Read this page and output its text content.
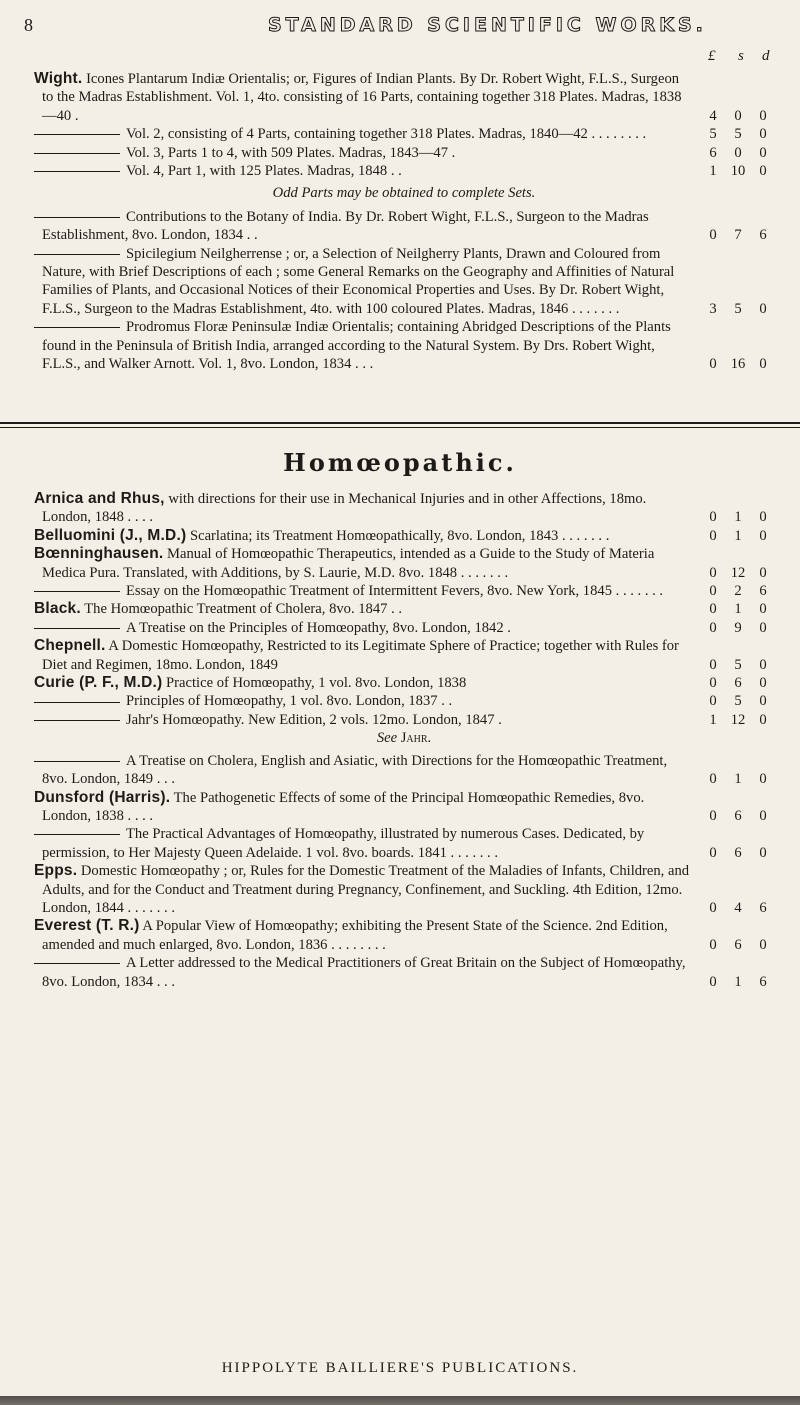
8	STANDARD SCIENTIFIC WORKS.
£ s d
Wight. Icones Plantarum Indiæ Orientalis; or, Figures of Indian Plants. By Dr. Robert Wight, F.L.S., Surgeon to the Madras Establishment. Vol. 1, 4to. consisting of 16 Parts, containing together 318 Plates. Madras, 1838—40 .	4	0	0
Vol. 2, consisting of 4 Parts, containing together 318 Plates. Madras, 1840—42 . . . . . . . .	5	5	0
Vol. 3, Parts 1 to 4, with 509 Plates. Madras, 1843—47 .	6	0	0
Vol. 4, Part 1, with 125 Plates. Madras, 1848 . .	1 10 0
Odd Parts may be obtained to complete Sets.
Contributions to the Botany of India. By Dr. Robert Wight, F.L.S., Surgeon to the Madras Establishment, 8vo. London, 1834 . .	0	7	6
Spicilegium Neilgherrense ; or, a Selection of Neilgherry Plants, Drawn and Coloured from Nature, with Brief Descriptions of each ; some General Remarks on the Geography and Affinities of Natural Families of Plants, and Occasional Notices of their Economical Properties and Uses. By Dr. Robert Wight, F.L.S., Surgeon to the Madras Establishment, 4to. with 100 coloured Plates. Madras, 1846 . . . . . . .	3	5	0
Prodromus Floræ Peninsulæ Indiæ Orientalis; containing Abridged Descriptions of the Plants found in the Peninsula of British India, arranged according to the Natural System. By Drs. Robert Wight, F.L.S., and Walker Arnott. Vol. 1, 8vo. London, 1834 . . .	0 16 0
Homœopathic.
Arnica and Rhus, with directions for their use in Mechanical Injuries and in other Affections, 18mo. London, 1848 . . . .	0	1	0
Belluomini (J., M.D.) Scarlatina; its Treatment Homœopathically, 8vo. London, 1843 . . . . . . .	0	1	0
Bœnninghausen. Manual of Homœopathic Therapeutics, intended as a Guide to the Study of Materia Medica Pura. Translated, with Additions, by S. Laurie, M.D. 8vo. 1848 . . . . . . .	0 12 0
Essay on the Homœopathic Treatment of Intermittent Fevers, 8vo. New York, 1845 . . . . . . .	0	2	6
Black. The Homœopathic Treatment of Cholera, 8vo. 1847 . .	0	1	0
A Treatise on the Principles of Homœopathy, 8vo. London, 1842 .	0	9	0
Chepnell. A Domestic Homœopathy, Restricted to its Legitimate Sphere of Practice; together with Rules for Diet and Regimen, 18mo. London, 1849	0	5	0
Curie (P. F., M.D.) Practice of Homœopathy, 1 vol. 8vo. London, 1838	0	6	0
Principles of Homœopathy, 1 vol. 8vo. London, 1837 . .	0	5	0
Jahr's Homœopathy. New Edition, 2 vols. 12mo. London, 1847 .	1 12 0
See Jahr.
A Treatise on Cholera, English and Asiatic, with Directions for the Homœopathic Treatment, 8vo. London, 1849 . . .	0	1	0
Dunsford (Harris). The Pathogenetic Effects of some of the Principal Homœopathic Remedies, 8vo. London, 1838 . . . .	0	6	0
The Practical Advantages of Homœopathy, illustrated by numerous Cases. Dedicated, by permission, to Her Majesty Queen Adelaide. 1 vol. 8vo. boards. 1841 . . . . . . .	0	6	0
Epps. Domestic Homœopathy ; or, Rules for the Domestic Treatment of the Maladies of Infants, Children, and Adults, and for the Conduct and Treatment during Pregnancy, Confinement, and Suckling. 4th Edition, 12mo. London, 1844 . . . . . . .	0	4	6
Everest (T. R.) A Popular View of Homœopathy; exhibiting the Present State of the Science. 2nd Edition, amended and much enlarged, 8vo. London, 1836 . . . . . . . .	0	6	0
A Letter addressed to the Medical Practitioners of Great Britain on the Subject of Homœopathy, 8vo. London, 1834 . . .	0	1	6
HIPPOLYTE BAILLIERE'S PUBLICATIONS.
